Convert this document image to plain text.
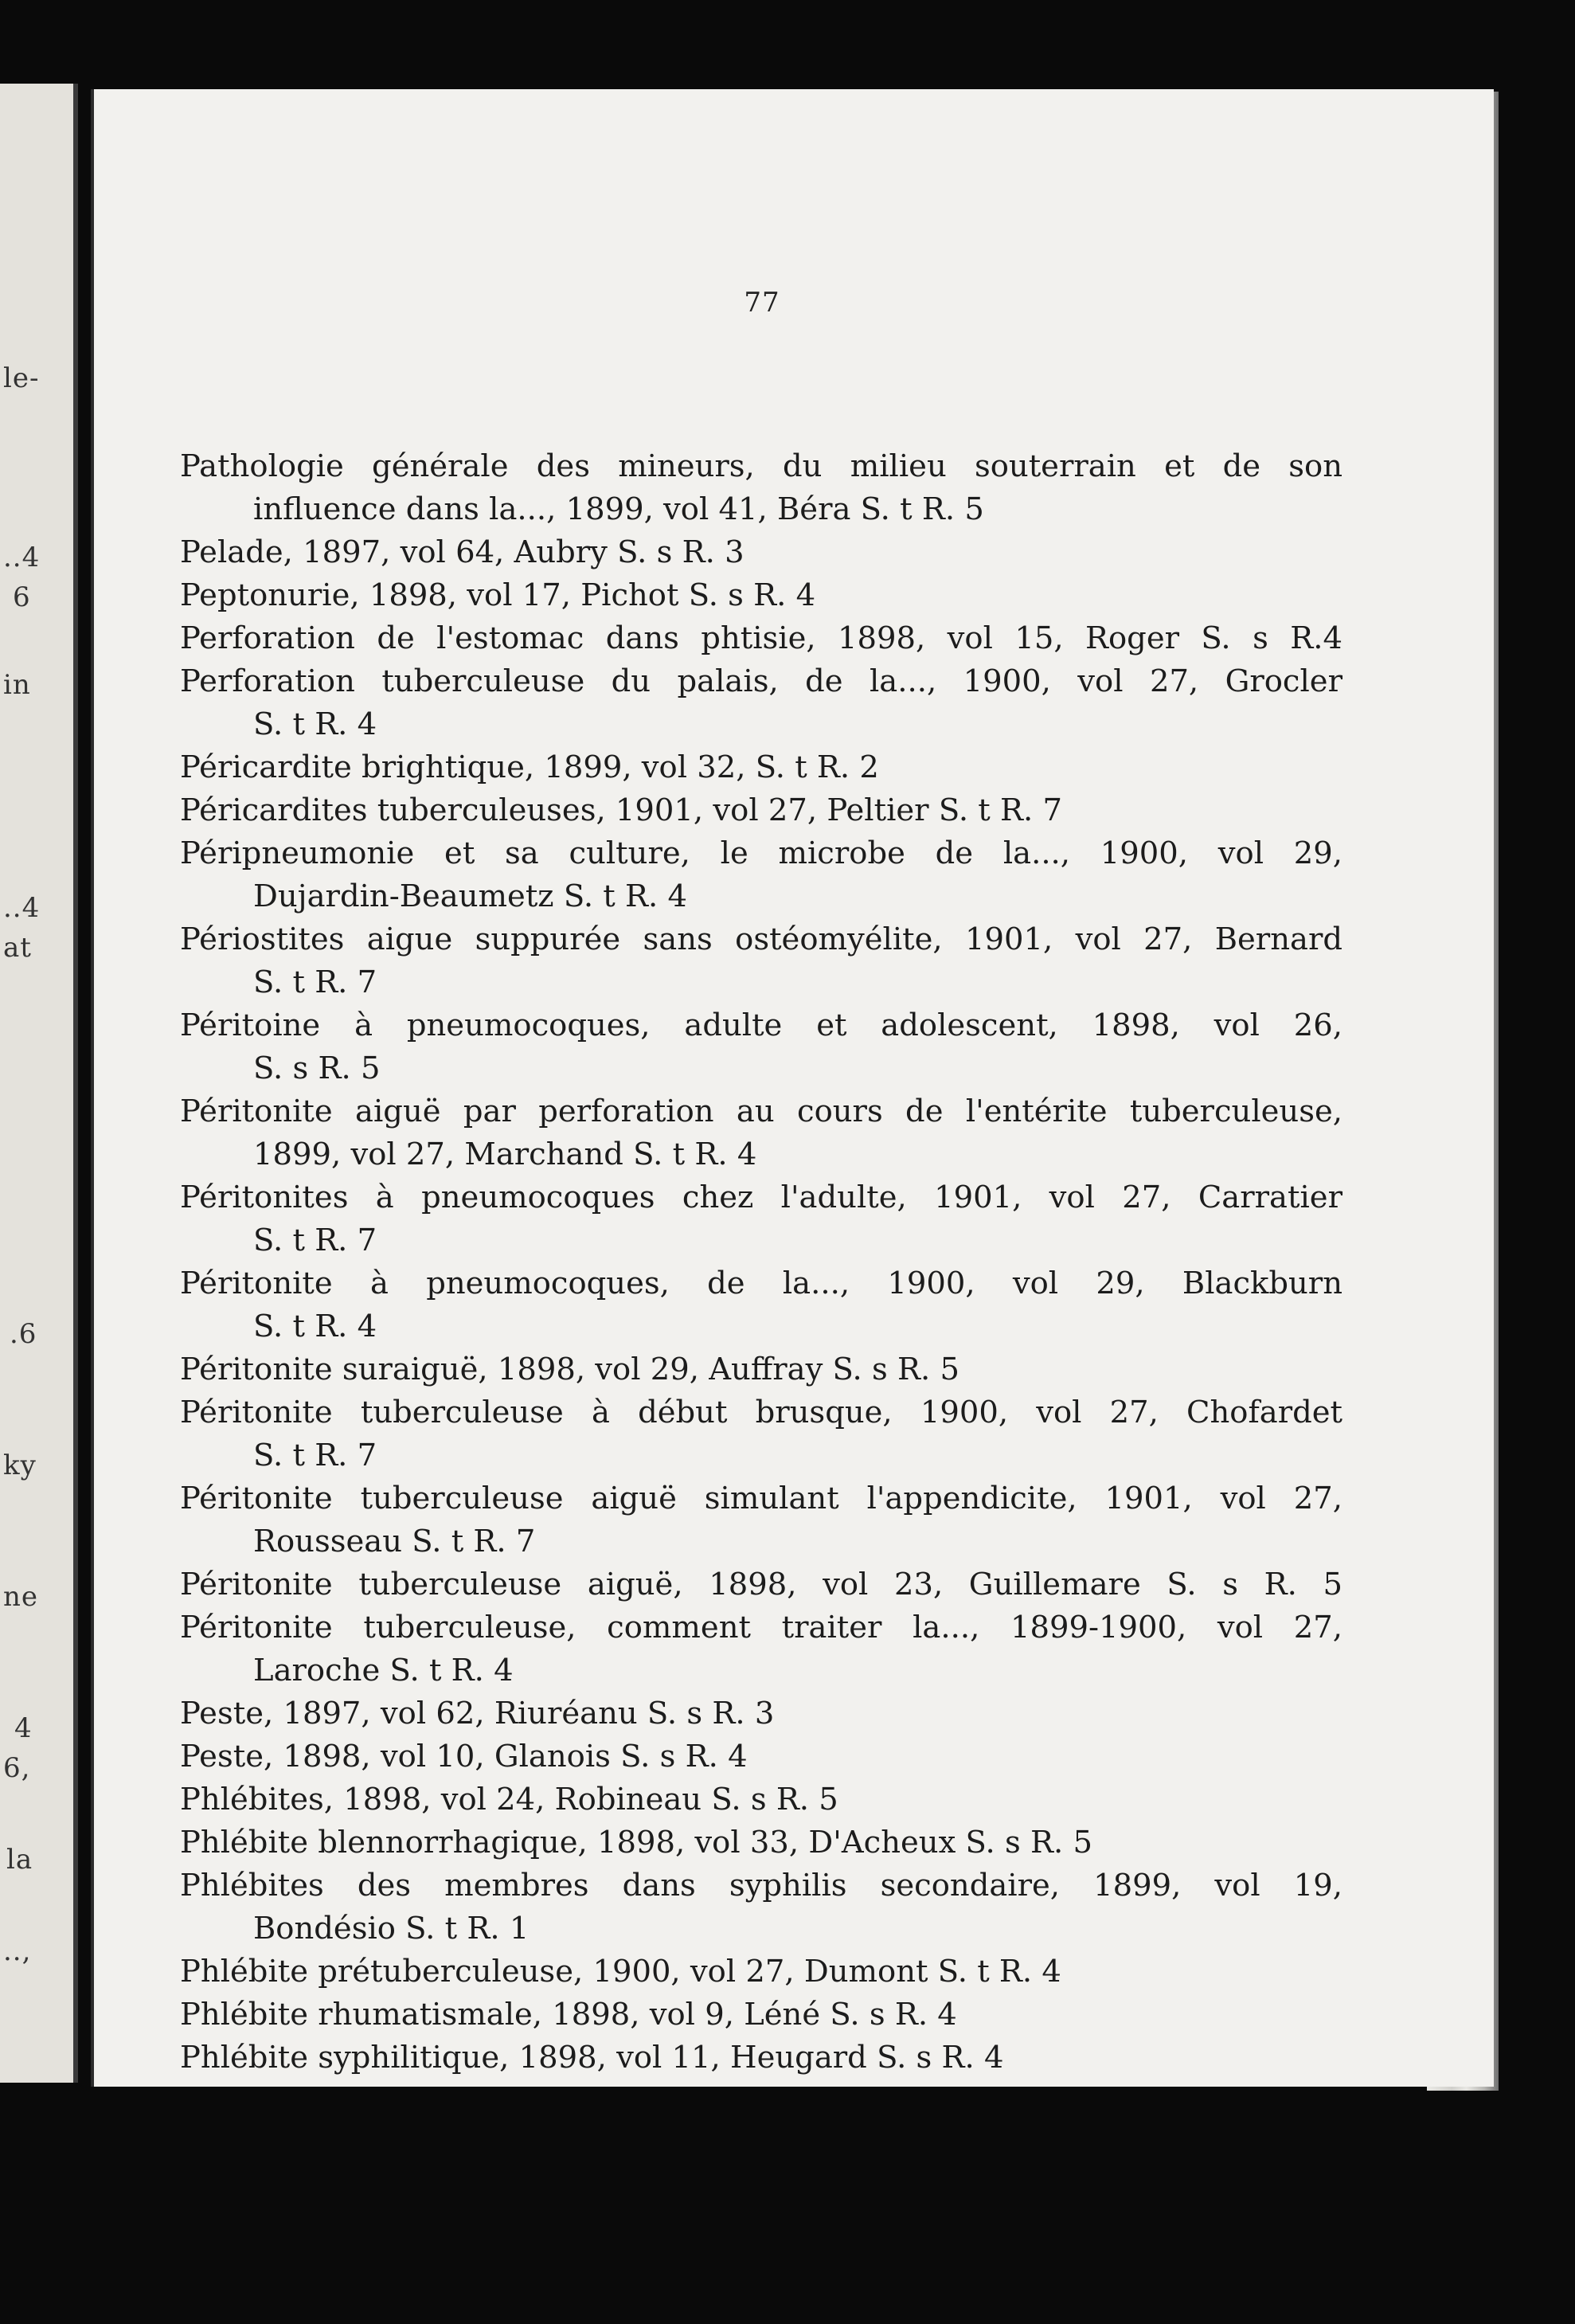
le-
..4
6
in
..4
at
.6
ky
ne
4
6,
la
..,
77
Pathologie générale des mineurs, du milieu souterrain et de son
influence dans la..., 1899, vol 41, Béra S. t R. 5
Pelade, 1897, vol 64, Aubry S. s R. 3
Peptonurie, 1898, vol 17, Pichot S. s R. 4
Perforation de l'estomac dans phtisie, 1898, vol 15, Roger S. s R.4
Perforation tuberculeuse du palais, de la..., 1900, vol 27, Grocler
S. t R. 4
Péricardite brightique, 1899, vol 32, S. t R. 2
Péricardites tuberculeuses, 1901, vol 27, Peltier S. t R. 7
Péripneumonie et sa culture, le microbe de la..., 1900, vol 29,
Dujardin-Beaumetz S. t R. 4
Périostites aigue suppurée sans ostéomyélite, 1901, vol 27, Bernard
S. t R. 7
Péritoine à pneumocoques, adulte et adolescent, 1898, vol 26,
S. s R. 5
Péritonite aiguë par perforation au cours de l'entérite tuberculeuse,
1899, vol 27, Marchand S. t R. 4
Péritonites à pneumocoques chez l'adulte, 1901, vol 27, Carratier
S. t R. 7
Péritonite à pneumocoques, de la..., 1900, vol 29, Blackburn
S. t R. 4
Péritonite suraiguë, 1898, vol 29, Auffray S. s R. 5
Péritonite tuberculeuse à début brusque, 1900, vol 27, Chofardet
S. t R. 7
Péritonite tuberculeuse aiguë simulant l'appendicite, 1901, vol 27,
Rousseau S. t R. 7
Péritonite tuberculeuse aiguë, 1898, vol 23, Guillemare S. s R. 5
Péritonite tuberculeuse, comment traiter la..., 1899-1900, vol 27,
Laroche S. t R. 4
Peste, 1897, vol 62, Riuréanu S. s R. 3
Peste, 1898, vol 10, Glanois S. s R. 4
Phlébites, 1898, vol 24, Robineau S. s R. 5
Phlébite blennorrhagique, 1898, vol 33, D'Acheux S. s R. 5
Phlébites des membres dans syphilis secondaire, 1899, vol 19,
Bondésio S. t R. 1
Phlébite prétuberculeuse, 1900, vol 27, Dumont S. t R. 4
Phlébite rhumatismale, 1898, vol 9, Léné S. s R. 4
Phlébite syphilitique, 1898, vol 11, Heugard S. s R. 4
